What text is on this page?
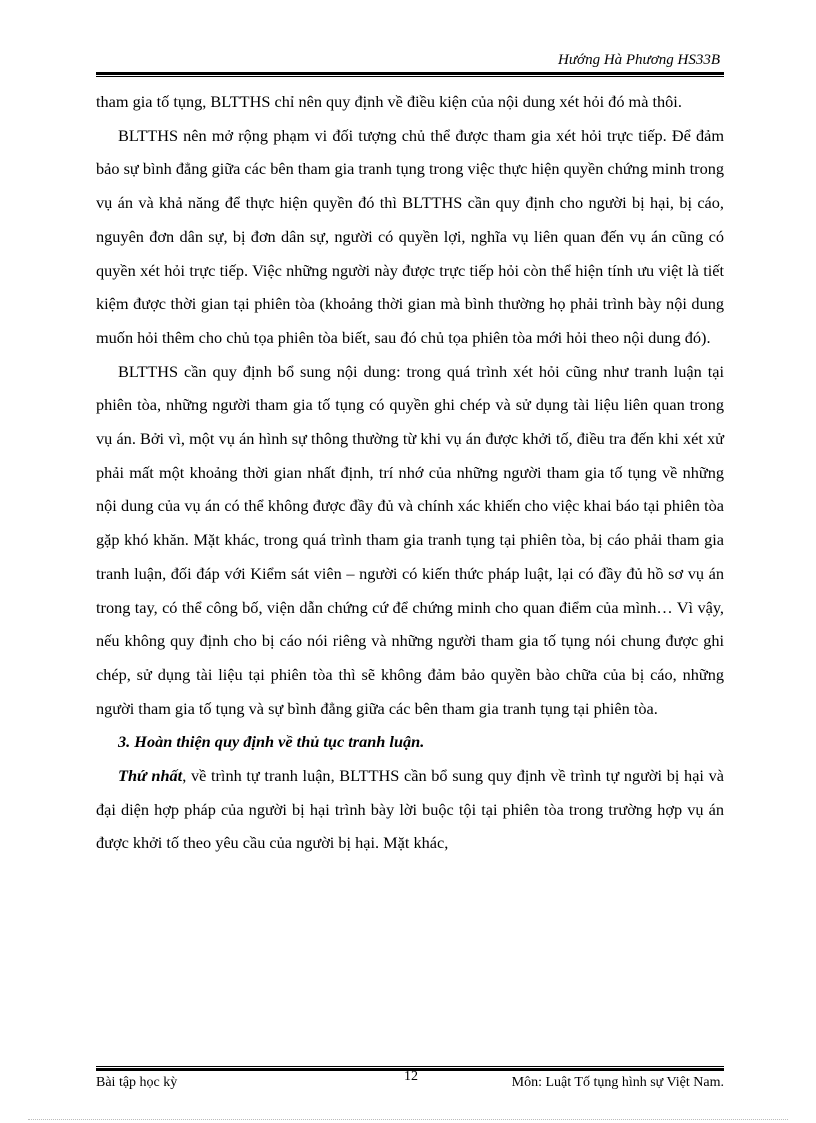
Hướng Hà Phương HS33B

tham gia tố tụng, BLTTHS chỉ nên quy định về điều kiện của nội dung xét hỏi đó mà thôi.

BLTTHS nên mở rộng phạm vi đối tượng chủ thể được tham gia xét hỏi trực tiếp. Để đảm bảo sự bình đẳng giữa các bên tham gia tranh tụng trong việc thực hiện quyền chứng minh trong vụ án và khả năng để thực hiện quyền đó thì BLTTHS cần quy định cho người bị hại, bị cáo, nguyên đơn dân sự, bị đơn dân sự, người có quyền lợi, nghĩa vụ liên quan đến vụ án cũng có quyền xét hỏi trực tiếp. Việc những người này được trực tiếp hỏi còn thể hiện tính ưu việt là tiết kiệm được thời gian tại phiên tòa (khoảng thời gian mà bình thường họ phải trình bày nội dung muốn hỏi thêm cho chủ tọa phiên tòa biết, sau đó chủ tọa phiên tòa mới hỏi theo nội dung đó).

BLTTHS cần quy định bổ sung nội dung: trong quá trình xét hỏi cũng như tranh luận tại phiên tòa, những người tham gia tố tụng có quyền ghi chép và sử dụng tài liệu liên quan trong vụ án. Bởi vì, một vụ án hình sự thông thường từ khi vụ án được khởi tố, điều tra đến khi xét xử phải mất một khoảng thời gian nhất định, trí nhớ của những người tham gia tố tụng về những nội dung của vụ án có thể không được đầy đủ và chính xác khiến cho việc khai báo tại phiên tòa gặp khó khăn. Mặt khác, trong quá trình tham gia tranh tụng tại phiên tòa, bị cáo phải tham gia tranh luận, đối đáp với Kiểm sát viên – người có kiến thức pháp luật, lại có đầy đủ hồ sơ vụ án trong tay, có thể công bố, viện dẫn chứng cứ để chứng minh cho quan điểm của mình… Vì vậy, nếu không quy định cho bị cáo nói riêng và những người tham gia tố tụng nói chung được ghi chép, sử dụng tài liệu tại phiên tòa thì sẽ không đảm bảo quyền bào chữa của bị cáo, những người tham gia tố tụng và sự bình đẳng giữa các bên tham gia tranh tụng tại phiên tòa.

3. Hoàn thiện quy định về thủ tục tranh luận.

Thứ nhất, về trình tự tranh luận, BLTTHS cần bổ sung quy định về trình tự người bị hại và đại diện hợp pháp của người bị hại trình bày lời buộc tội tại phiên tòa trong trường hợp vụ án được khởi tố theo yêu cầu của người bị hại. Mặt khác,

Bài tập học kỳ	12	Môn: Luật Tố tụng hình sự Việt Nam.
